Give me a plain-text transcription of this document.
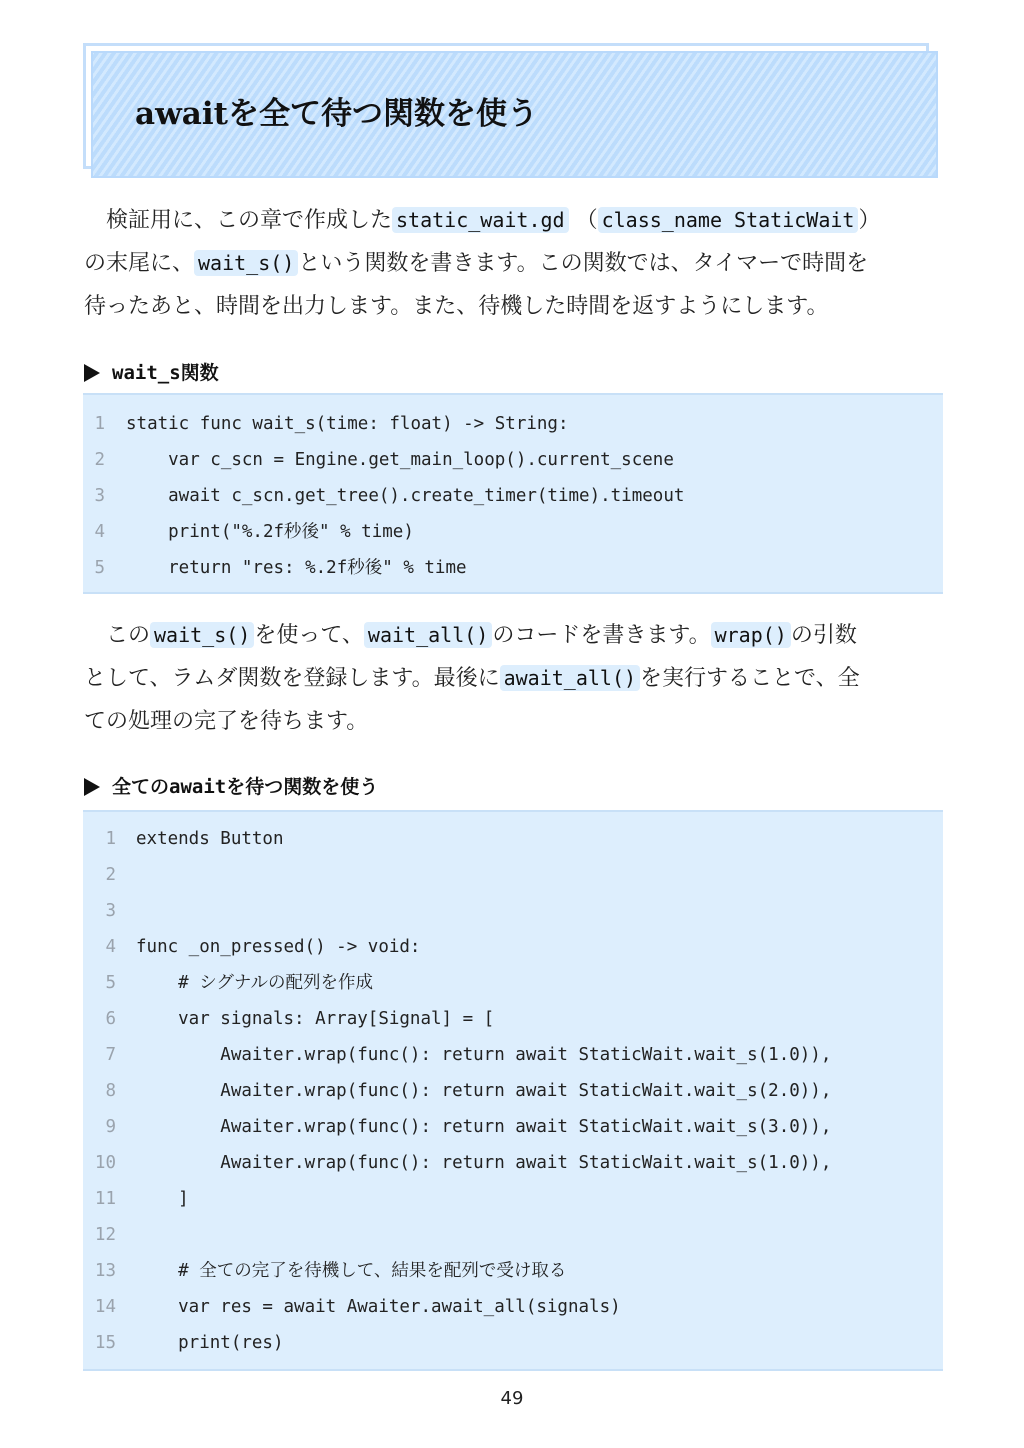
awaitを全て待つ関数を使う
検証用に、この章で作成した static_wait.gd （ class_name StaticWait ）
の末尾に、 wait_s() という関数を書きます。この関数では、タイマーで時間を
待ったあと、時間を出力します。また、待機した時間を返すようにします。
wait_s関数
1 static func wait_s(time: float) -> String:
2    var c_scn = Engine.get_main_loop().current_scene
3    await c_scn.get_tree().create_timer(time).timeout
4    print("%.2f秒後" % time)
5    return "res: %.2f秒後" % time
この wait_s() を使って、 wait_all() のコードを書きます。 wrap() の引数
として、ラムダ関数を登録します。最後に await_all() を実行することで、全
ての処理の完了を待ちます。
全てのawaitを待つ関数を使う
1 extends Button
2
3
4 func _on_pressed() -> void:
5    # シグナルの配列を作成
6    var signals: Array[Signal] = [
7        Awaiter.wrap(func(): return await StaticWait.wait_s(1.0)),
8        Awaiter.wrap(func(): return await StaticWait.wait_s(2.0)),
9        Awaiter.wrap(func(): return await StaticWait.wait_s(3.0)),
10        Awaiter.wrap(func(): return await StaticWait.wait_s(1.0)),
11    ]
12
13    # 全ての完了を待機して、結果を配列で受け取る
14    var res = await Awaiter.await_all(signals)
15    print(res)
49
